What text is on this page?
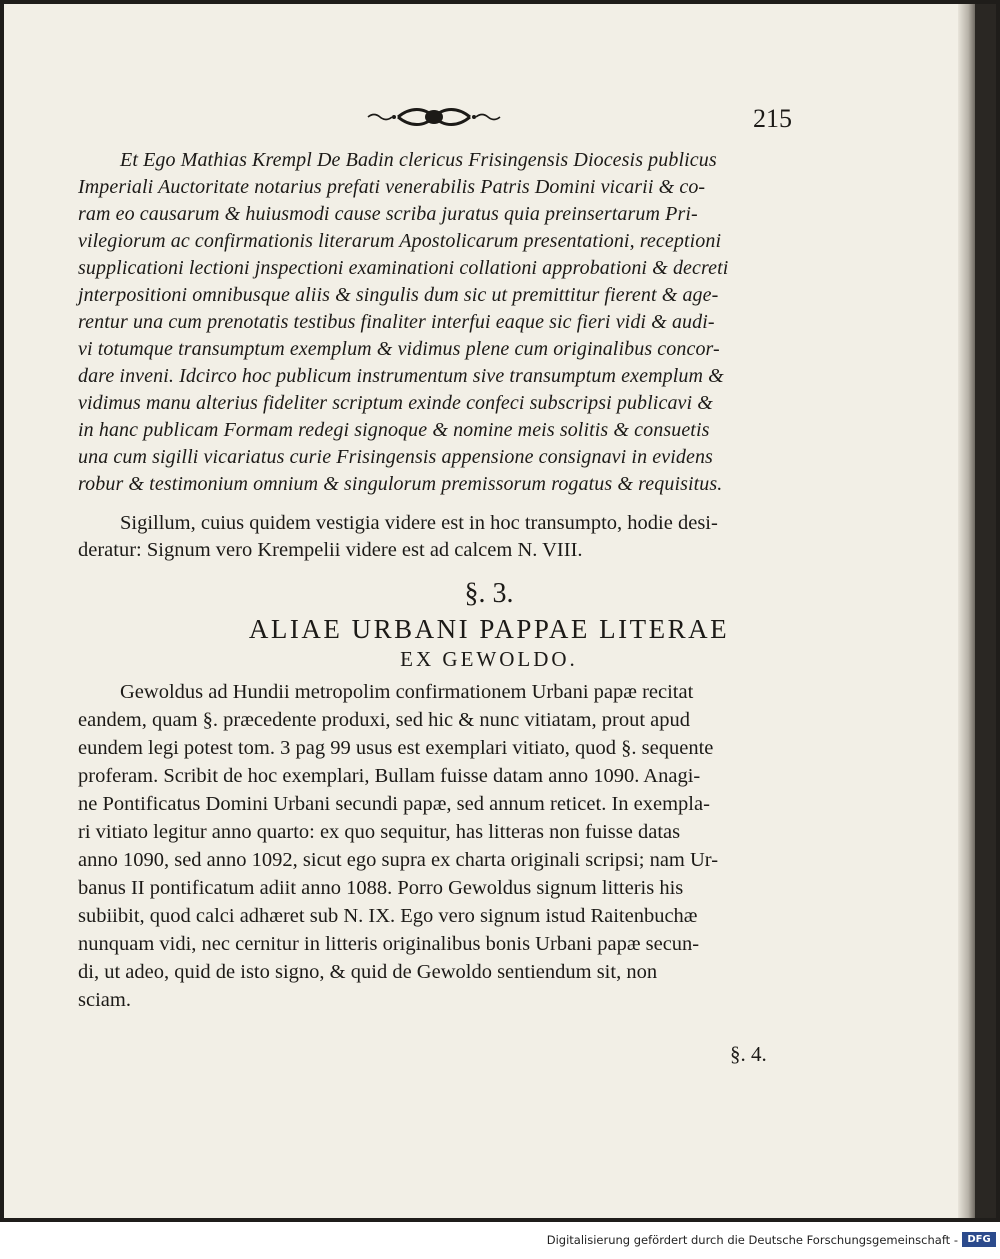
215
Et Ego Mathias Krempl De Badin clericus Frisingensis Diocesis publicus
Imperiali Auctoritate notarius prefati venerabilis Patris Domini vicarii & co-
ram eo causarum & huiusmodi cause scriba juratus quia preinsertarum Pri-
vilegiorum ac confirmationis literarum Apostolicarum presentationi, receptioni
supplicationi lectioni jnspectioni examinationi collationi approbationi & decreti
jnterpositioni omnibusque aliis & singulis dum sic ut premittitur fierent & age-
rentur una cum prenotatis testibus finaliter interfui eaque sic fieri vidi & audi-
vi totumque transumptum exemplum & vidimus plene cum originalibus concor-
dare inveni. Idcirco hoc publicum instrumentum sive transumptum exemplum &
vidimus manu alterius fideliter scriptum exinde confeci subscripsi publicavi &
in hanc publicam Formam redegi signoque & nomine meis solitis & consuetis
una cum sigilli vicariatus curie Frisingensis appensione consignavi in evidens
robur & testimonium omnium & singulorum premissorum rogatus & requisitus.
Sigillum, cuius quidem vestigia videre est in hoc transumpto, hodie desi-
deratur: Signum vero Krempelii videre est ad calcem N. VIII.
§. 3.
ALIAE URBANI PAPPAE LITERAE
EX GEWOLDO.
Gewoldus ad Hundii metropolim confirmationem Urbani papæ recitat
eandem, quam §. præcedente produxi, sed hic & nunc vitiatam, prout apud
eundem legi potest tom. 3 pag 99 usus est exemplari vitiato, quod §. sequente
proferam. Scribit de hoc exemplari, Bullam fuisse datam anno 1090. Anagi-
ne Pontificatus Domini Urbani secundi papæ, sed annum reticet. In exempla-
ri vitiato legitur anno quarto: ex quo sequitur, has litteras non fuisse datas
anno 1090, sed anno 1092, sicut ego supra ex charta originali scripsi; nam Ur-
banus II pontificatum adiit anno 1088. Porro Gewoldus signum litteris his
subiibit, quod calci adhæret sub N. IX. Ego vero signum istud Raitenbuchæ
nunquam vidi, nec cernitur in litteris originalibus bonis Urbani papæ secun-
di, ut adeo, quid de isto signo, & quid de Gewoldo sentiendum sit, non
sciam.
§. 4.
Digitalisierung gefördert durch die Deutsche Forschungsgemeinschaft - DFG
